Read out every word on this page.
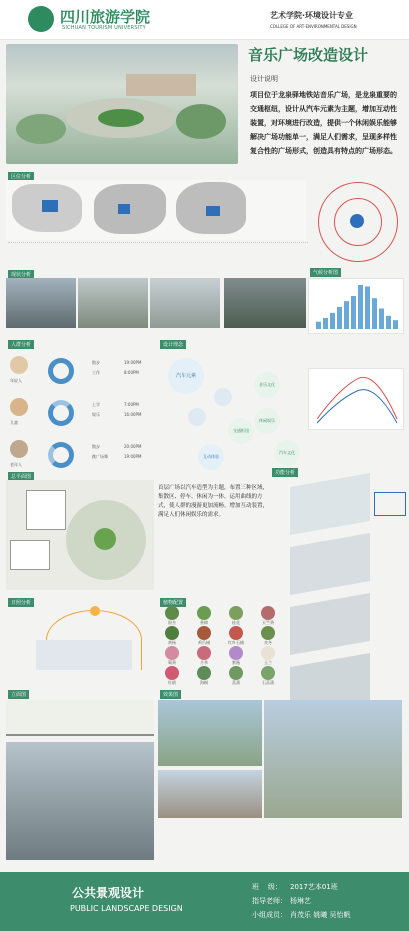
四川旅游学院
SICHUAN TOURISM UNIVERSITY
艺术学院·环境设计专业
COLLEGE OF ART·ENVIRONMENTAL DESIGN
音乐广场改造设计
设计说明
项目位于龙泉驿地铁站音乐广场，是龙泉重要的交通枢纽，设计从汽车元素为主题，增加互动性装置，对环境进行改造，提供一个休闲娱乐能够解决广场功能单一，满足人们需求，呈现多样性复合性的广场形式，创造具有特点的广场形态。
区位分析
现状分析	气候分析图
人群分析
年轻人
散步	19:00PM
工作	8:00PM
儿童
上学	7:00PM
娱乐	16:00PM
老年人
散步	20:00PM
跳广场舞	19:00PM
设计理念
汽车元素
音乐文化
交通枢纽
休闲娱乐
汽车文化
互动体验
总平面图
首层广场以汽车造型为主题，布置三种区域，集散区、停车、休闲为一体。运用曲线的方式，使人群的漫游更加流畅。增加互动装置，满足人们休闲娱乐的需求。
功能分析
日照分析	植物配置
银杏	香樟	桂花	天竺葵
黄杨	鸡爪槭	红叶石楠	麦冬
蜀葵	月季	紫薇	玉兰
杜鹃	海桐	菖蒲	石菖蒲
立面图	效果图
公共景观设计
PUBLIC LANDSCAPE DESIGN
班    级： 2017艺本01班
指导老师： 杨琳艺
小组成员： 肖茂乐 姚曦 吴怡帆
